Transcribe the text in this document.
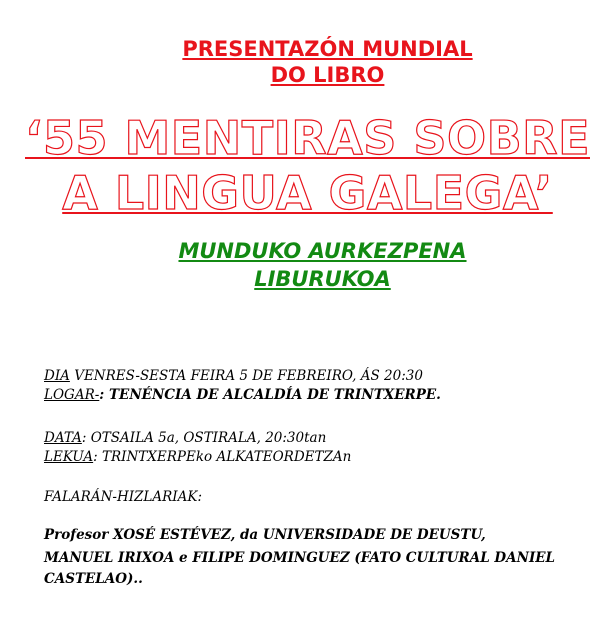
PRESENTAZÓN MUNDIAL
DO LIBRO
‘55 MENTIRAS SOBRE
A LINGUA GALEGA’
MUNDUKO AURKEZPENA
LIBURUKOA
DIA VENRES-SESTA FEIRA 5 DE FEBREIRO, ÁS 20:30
LOGAR-: TENÉNCIA DE ALCALDÍA DE TRINTXERPE.
DATA: OTSAILA 5a, OSTIRALA, 20:30tan
LEKUA: TRINTXERPEko ALKATEORDETZAn
FALARÁN-HIZLARIAK:
Profesor XOSÉ ESTÉVEZ, da UNIVERSIDADE DE DEUSTU,
MANUEL IRIXOA e FILIPE DOMINGUEZ (FATO CULTURAL DANIEL
CASTELAO)..
